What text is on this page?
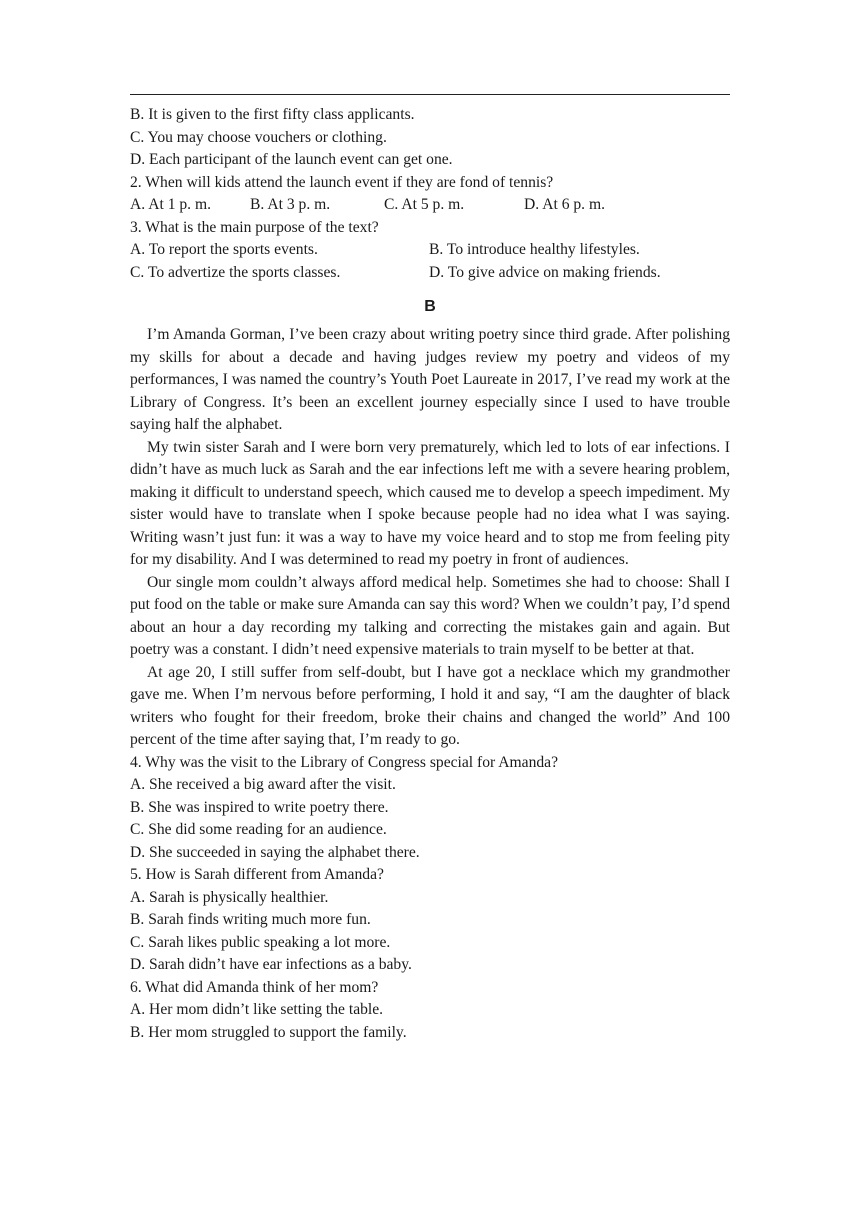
B. It is given to the first fifty class applicants.
C. You may choose vouchers or clothing.
D. Each participant of the launch event can get one.
2. When will kids attend the launch event if they are fond of tennis?
A. At 1 p. m.	B. At 3 p. m.	C. At 5 p. m.	D. At 6 p. m.
3. What is the main purpose of the text?
A. To report the sports events.	B. To introduce healthy lifestyles.
C. To advertize the sports classes.	D. To give advice on making friends.
B

I’m Amanda Gorman, I’ve been crazy about writing poetry since third grade. After polishing my skills for about a decade and having judges review my poetry and videos of my performances, I was named the country’s Youth Poet Laureate in 2017, I’ve read my work at the Library of Congress. It’s been an excellent journey especially since I used to have trouble saying half the alphabet.

My twin sister Sarah and I were born very prematurely, which led to lots of ear infections. I didn’t have as much luck as Sarah and the ear infections left me with a severe hearing problem, making it difficult to understand speech, which caused me to develop a speech impediment. My sister would have to translate when I spoke because people had no idea what I was saying. Writing wasn’t just fun: it was a way to have my voice heard and to stop me from feeling pity for my disability. And I was determined to read my poetry in front of audiences.

Our single mom couldn’t always afford medical help. Sometimes she had to choose: Shall I put food on the table or make sure Amanda can say this word? When we couldn’t pay, I’d spend about an hour a day recording my talking and correcting the mistakes gain and again. But poetry was a constant. I didn’t need expensive materials to train myself to be better at that.

At age 20, I still suffer from self-doubt, but I have got a necklace which my grandmother gave me. When I’m nervous before performing, I hold it and say, “I am the daughter of black writers who fought for their freedom, broke their chains and changed the world” And 100 percent of the time after saying that, I’m ready to go.

4. Why was the visit to the Library of Congress special for Amanda?
A. She received a big award after the visit.
B. She was inspired to write poetry there.
C. She did some reading for an audience.
D. She succeeded in saying the alphabet there.
5. How is Sarah different from Amanda?
A. Sarah is physically healthier.
B. Sarah finds writing much more fun.
C. Sarah likes public speaking a lot more.
D. Sarah didn’t have ear infections as a baby.
6. What did Amanda think of her mom?
A. Her mom didn’t like setting the table.
B. Her mom struggled to support the family.
